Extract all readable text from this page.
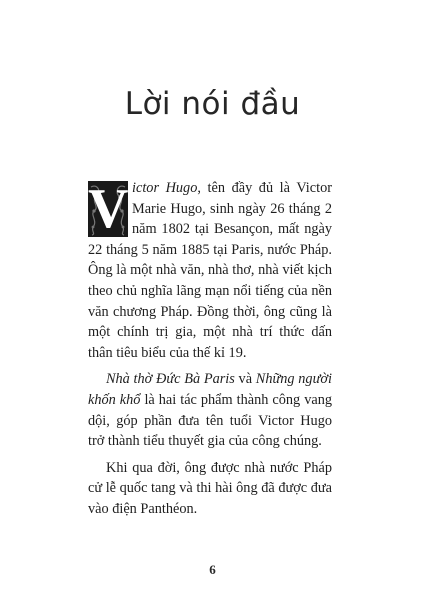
Lời nói đầu

V ictor Hugo, tên đầy đủ là Victor Marie Hugo, sinh ngày 26 tháng 2 năm 1802 tại Besançon, mất ngày 22 tháng 5 năm 1885 tại Paris, nước Pháp. Ông là một nhà văn, nhà thơ, nhà viết kịch theo chủ nghĩa lãng mạn nổi tiếng của nền văn chương Pháp. Đồng thời, ông cũng là một chính trị gia, một nhà trí thức dấn thân tiêu biểu của thế kỉ 19.

Nhà thờ Đức Bà Paris và Những người khốn khổ là hai tác phẩm thành công vang dội, góp phần đưa tên tuổi Victor Hugo trở thành tiểu thuyết gia của công chúng.

Khi qua đời, ông được nhà nước Pháp cử lễ quốc tang và thi hài ông đã được đưa vào điện Panthéon.

6
